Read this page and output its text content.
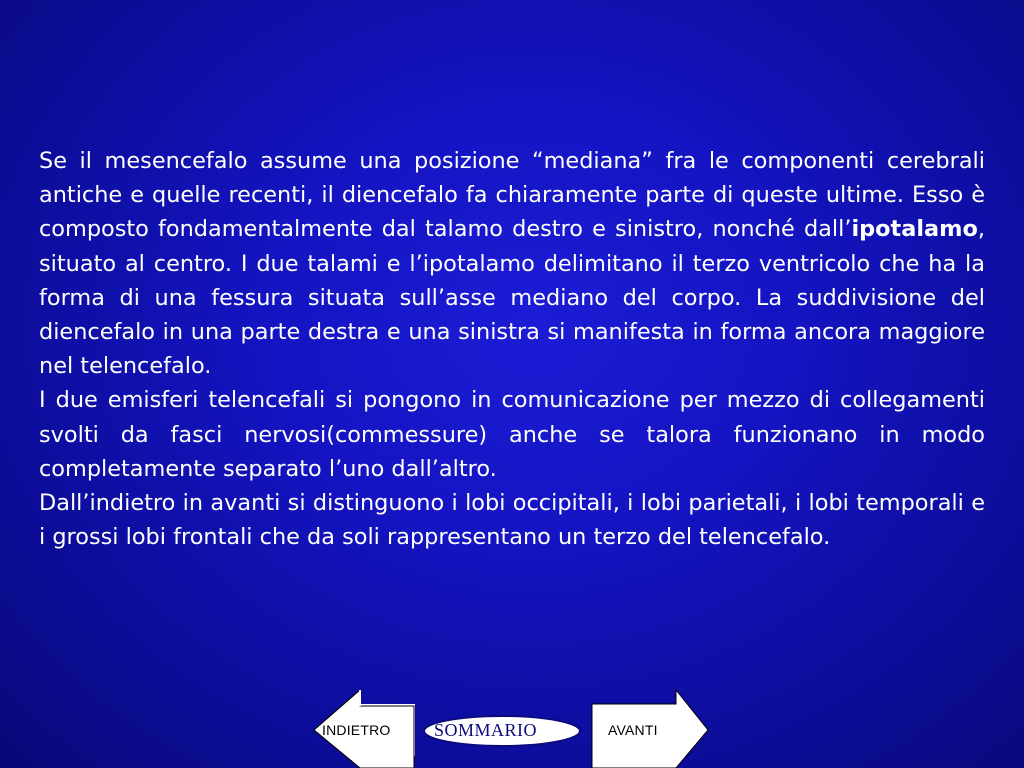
Se il mesencefalo assume una posizione “mediana” fra le componenti cerebrali antiche e quelle recenti, il diencefalo fa chiaramente parte di queste ultime. Esso è composto fondamentalmente dal talamo destro e sinistro, nonché dall’ipotalamo, situato al centro. I due talami e l’ipotalamo delimitano il terzo ventricolo che ha la forma di una fessura situata sull’asse mediano del corpo. La suddivisione del diencefalo in una parte destra e una sinistra si manifesta in forma ancora maggiore nel telencefalo.

I due emisferi telencefali si pongono in comunicazione per mezzo di collegamenti svolti da fasci nervosi(commessure) anche se talora funzionano in modo completamente separato l’uno dall’altro.

Dall’indietro in avanti si distinguono i lobi occipitali, i lobi parietali, i lobi temporali e i grossi lobi frontali che da soli rappresentano un terzo del telencefalo.

INDIETRO SOMMARIO	AVANTI
